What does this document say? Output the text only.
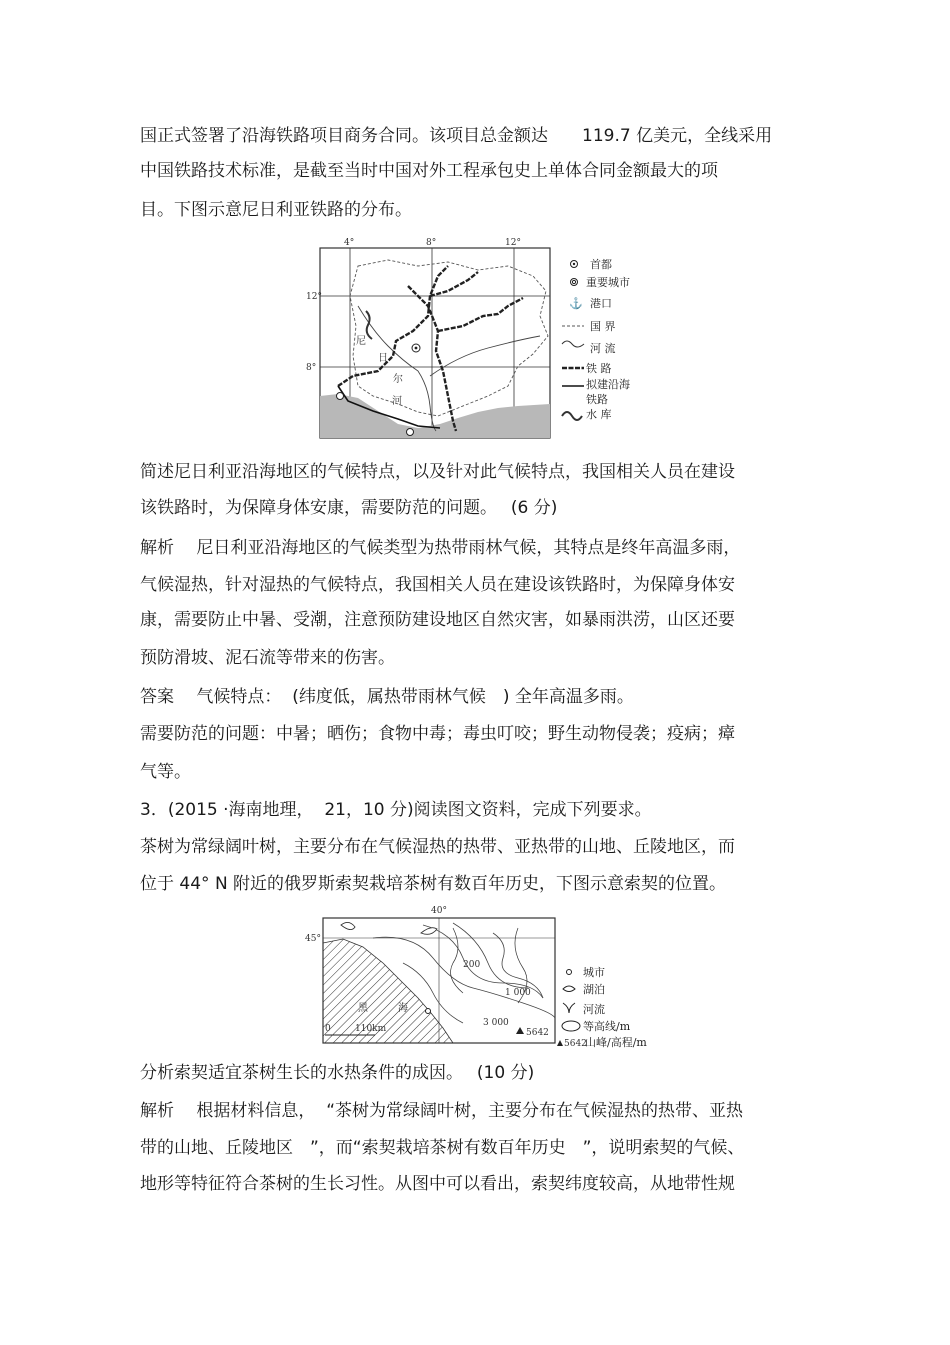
国正式签署了沿海铁路项目商务合同。该项目总金额达　　119.7 亿美元，全线采用
中国铁路技术标准，是截至当时中国对外工程承包史上单体合同金额最大的项
目。下图示意尼日利亚铁路的分布。
4°	8°	12°
12°
8°
尼
日
尔
河
首都
重要城市
⚓ 港口
国 界
河 流
铁 路
拟建沿海
铁路
水 库
简述尼日利亚沿海地区的气候特点，以及针对此气候特点，我国相关人员在建设
该铁路时，为保障身体安康，需要防范的问题。　 (6 分)
解析　 尼日利亚沿海地区的气候类型为热带雨林气候，其特点是终年高温多雨，
气候湿热，针对湿热的气候特点，我国相关人员在建设该铁路时，为保障身体安
康，需要防止中暑、受潮，注意预防建设地区自然灾害，如暴雨洪涝，山区还要
预防滑坡、泥石流等带来的伤害。
答案　 气候特点：  (纬度低，属热带雨林气候　) 全年高温多雨。
需要防范的问题：中暑；晒伤；食物中毒；毒虫叮咬；野生动物侵袭；疫病；瘴
气等。
3．(2015 ·海南地理，  21，10 分)阅读图文资料，完成下列要求。
茶树为常绿阔叶树，主要分布在气候湿热的热带、亚热带的山地、丘陵地区，而
位于 44° N 附近的俄罗斯索契栽培茶树有数百年历史，下图示意索契的位置。
45°
40°
5642
黑	海
200
1 000
3 000
0	110km
城市
湖泊
河流
等高线/m
5642
山峰/高程/m
分析索契适宜茶树生长的水热条件的成因。　 (10 分)
解析　 根据材料信息，  “茶树为常绿阔叶树，主要分布在气候湿热的热带、亚热
带的山地、丘陵地区　”，而“索契栽培茶树有数百年历史　”，说明索契的气候、
地形等特征符合茶树的生长习性。从图中可以看出，索契纬度较高，从地带性规
